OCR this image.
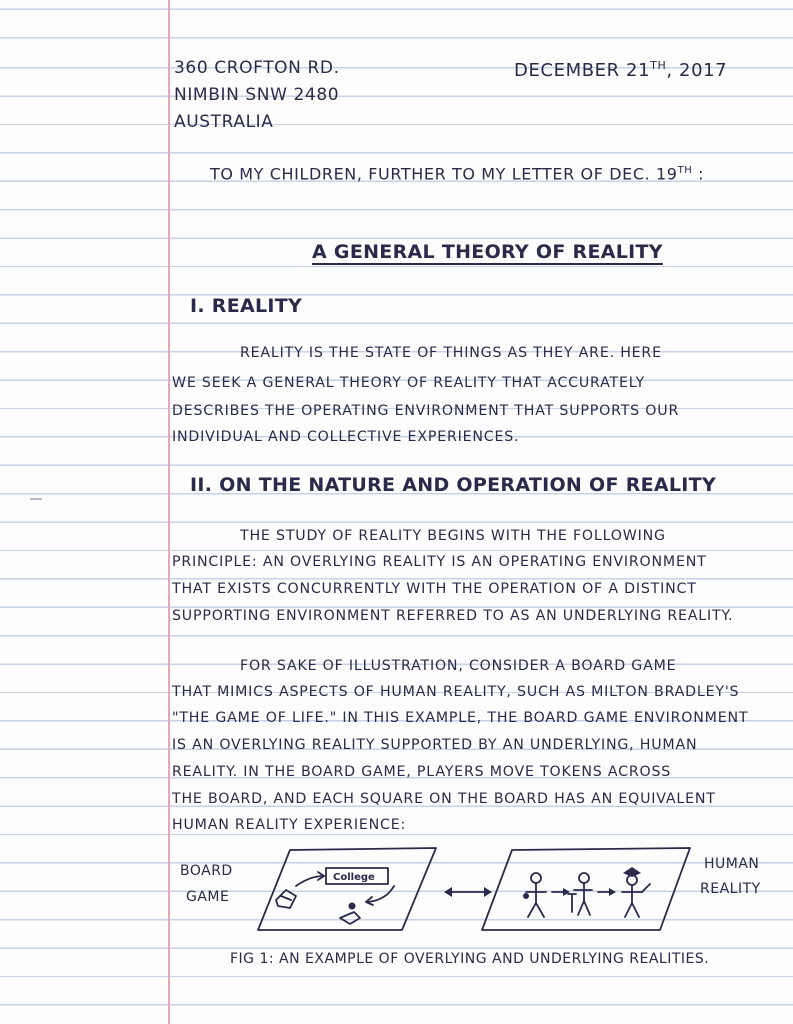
360 CROFTON RD.
NIMBIN SNW 2480
AUSTRALIA
DECEMBER 21TH, 2017
TO MY CHILDREN, FURTHER TO MY LETTER OF DEC. 19TH :
A GENERAL THEORY OF REALITY
I. REALITY
REALITY IS THE STATE OF THINGS AS THEY ARE. HERE
WE SEEK A GENERAL THEORY OF REALITY THAT ACCURATELY
DESCRIBES THE OPERATING ENVIRONMENT THAT SUPPORTS OUR
INDIVIDUAL AND COLLECTIVE EXPERIENCES.
II. ON THE NATURE AND OPERATION OF REALITY
THE STUDY OF REALITY BEGINS WITH THE FOLLOWING
PRINCIPLE: AN OVERLYING REALITY IS AN OPERATING ENVIRONMENT
THAT EXISTS CONCURRENTLY WITH THE OPERATION OF A DISTINCT
SUPPORTING ENVIRONMENT REFERRED TO AS AN UNDERLYING REALITY.
FOR SAKE OF ILLUSTRATION, CONSIDER A BOARD GAME
THAT MIMICS ASPECTS OF HUMAN REALITY, SUCH AS MILTON BRADLEY'S
"THE GAME OF LIFE." IN THIS EXAMPLE, THE BOARD GAME ENVIRONMENT
IS AN OVERLYING REALITY SUPPORTED BY AN UNDERLYING, HUMAN
REALITY. IN THE BOARD GAME, PLAYERS MOVE TOKENS ACROSS
THE BOARD, AND EACH SQUARE ON THE BOARD HAS AN EQUIVALENT
HUMAN REALITY EXPERIENCE:
BOARD
GAME
HUMAN
REALITY
College
FIG 1: AN EXAMPLE OF OVERLYING AND UNDERLYING REALITIES.
